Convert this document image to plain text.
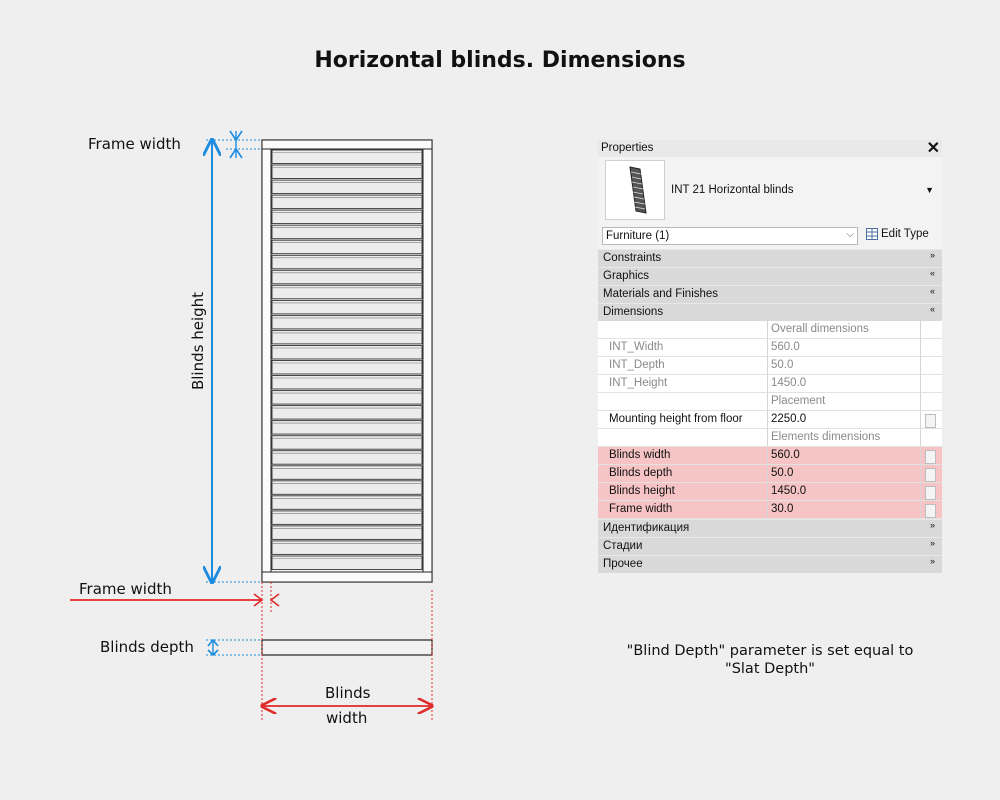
Horizontal blinds. Dimensions
Frame width
Blinds height
Frame width
Blinds depth
Blinds
width
"Blind Depth" parameter is set equal to
"Slat Depth"
Properties	✕
INT 21 Horizontal blinds	▼
Furniture (1)	⌵ Edit Type
Constraints	»
Graphics	«
Materials and Finishes	«
Dimensions	«
Overall dimensions
INT_Width	560.0
INT_Depth	50.0
INT_Height	1450.0
Placement
Mounting height from floor	2250.0
Elements dimensions
Blinds width	560.0
Blinds depth	50.0
Blinds height	1450.0
Frame width	30.0
Идентификация	»
Стадии	»
Прочее	»
